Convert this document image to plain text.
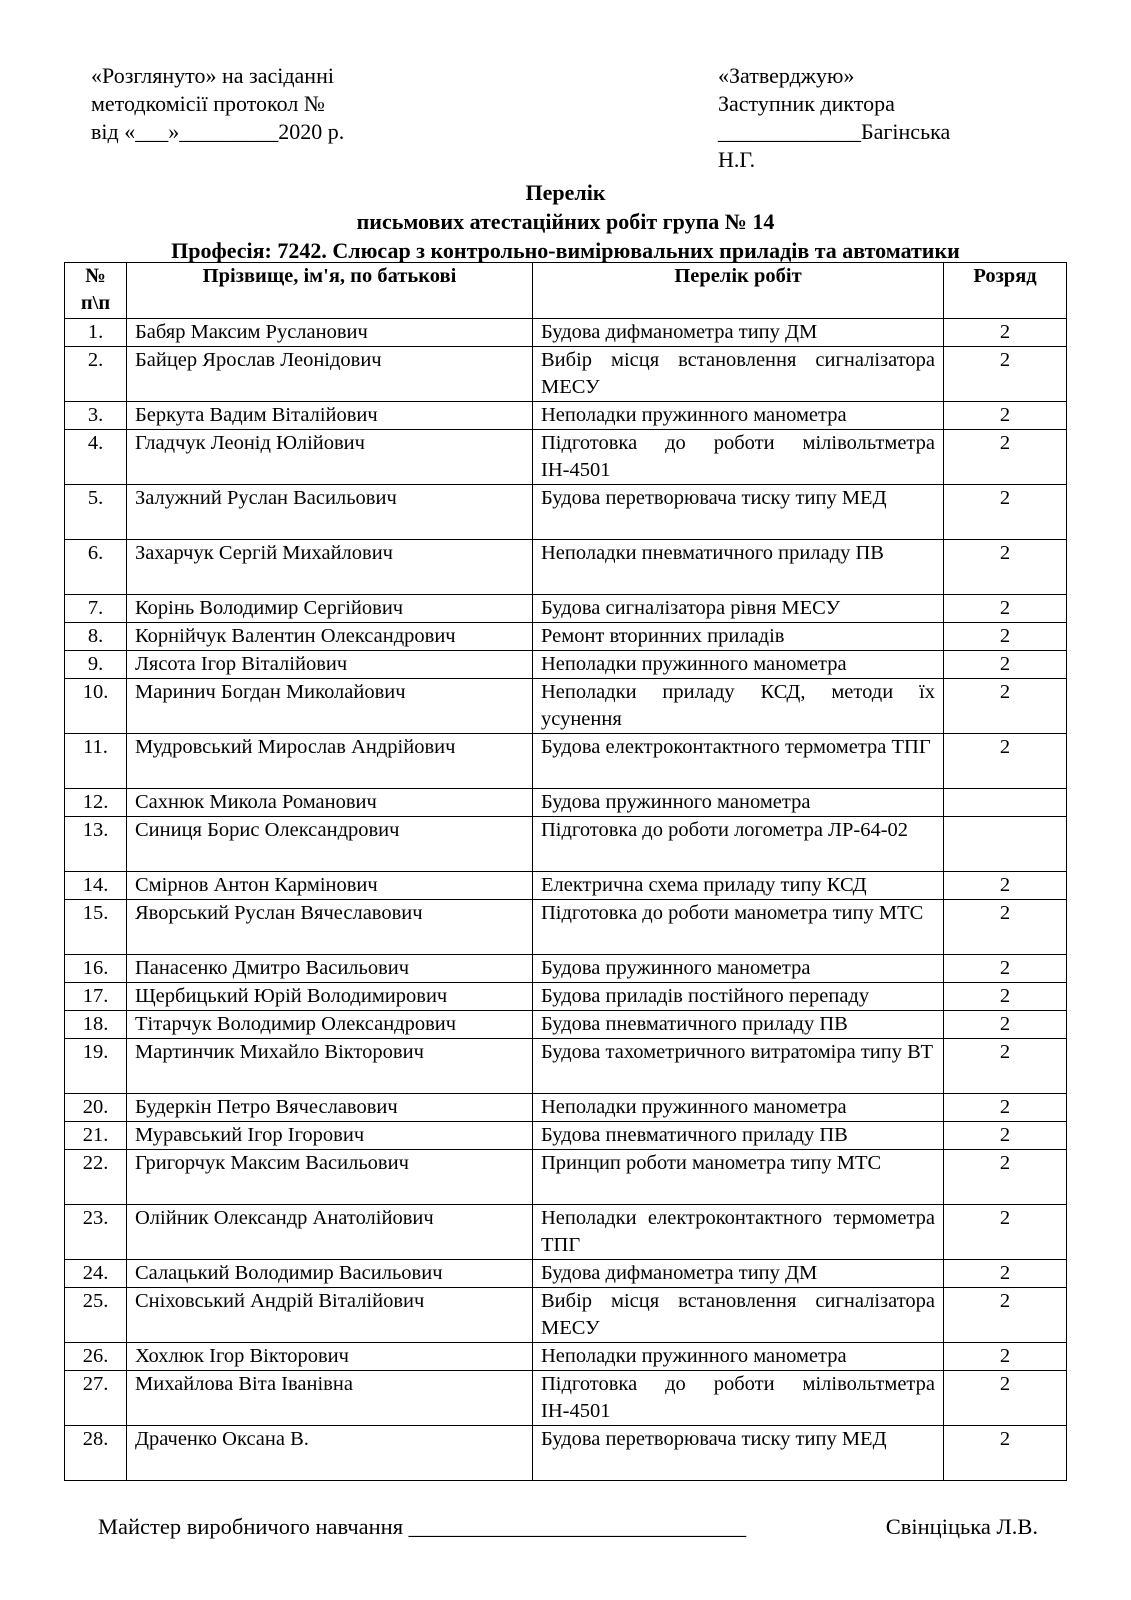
«Розглянуто» на засіданні
методкомісії протокол №
від «___»_________2020 р.
«Затверджую»
Заступник диктора
_____________Багінська
Н.Г.
Перелік
письмових атестаційних робіт група № 14
Професія: 7242. Слюсар з контрольно-вимірювальних приладів та автоматики
№
п\п	Прізвище, ім'я, по батькові	Перелік робіт	Розряд
1.	Бабяр Максим Русланович	Будова дифманометра типу ДМ	2
2.	Байцер Ярослав Леонідович	Вибір місця встановлення сигналізатора МЕСУ	2
3.	Беркута Вадим Віталійович	Неполадки пружинного манометра	2
4.	Гладчук Леонід Юлійович	Підготовка до роботи мілівольтметра ІН-4501	2
5.	Залужний Руслан Васильович	Будова перетворювача тиску типу МЕД	2
6.	Захарчук Сергій Михайлович	Неполадки пневматичного приладу ПВ	2
7.	Корінь Володимир Сергійович	Будова сигналізатора рівня МЕСУ	2
8.	Корнійчук Валентин Олександрович	Ремонт вторинних приладів	2
9.	Лясота Ігор Віталійович	Неполадки пружинного манометра	2
10.	Маринич Богдан Миколайович	Неполадки приладу КСД, методи їх усунення	2
11.	Мудровський Мирослав Андрійович	Будова електроконтактного термометра ТПГ	2
12.	Сахнюк Микола Романович	Будова пружинного манометра	
13.	Синиця Борис Олександрович	Підготовка до роботи логометра ЛР-64-02	
14.	Смірнов Антон Кармінович	Електрична схема приладу типу КСД	2
15.	Яворський Руслан Вячеславович	Підготовка до роботи манометра типу МТС	2
16.	Панасенко Дмитро Васильович	Будова пружинного манометра	2
17.	Щербицький Юрій Володимирович	Будова приладів постійного перепаду	2
18.	Тітарчук Володимир Олександрович	Будова пневматичного приладу ПВ	2
19.	Мартинчик Михайло Вікторович	Будова тахометричного витратоміра типу ВТ	2
20.	Будеркін Петро Вячеславович	Неполадки пружинного манометра	2
21.	Муравський Ігор Ігорович	Будова пневматичного приладу ПВ	2
22.	Григорчук Максим Васильович	Принцип роботи манометра типу МТС	2
23.	Олійник Олександр Анатолійович	Неполадки електроконтактного термометра ТПГ	2
24.	Салацький Володимир Васильович	Будова дифманометра типу ДМ	2
25.	Сніховський Андрій Віталійович	Вибір місця встановлення сигналізатора МЕСУ	2
26.	Хохлюк Ігор Вікторович	Неполадки пружинного манометра	2
27.	Михайлова Віта Іванівна	Підготовка до роботи мілівольтметра ІН-4501	2
28.	Драченко Оксана В.	Будова перетворювача тиску типу МЕД	2
Майстер виробничого навчання ______________________________	Свінціцька Л.В.
